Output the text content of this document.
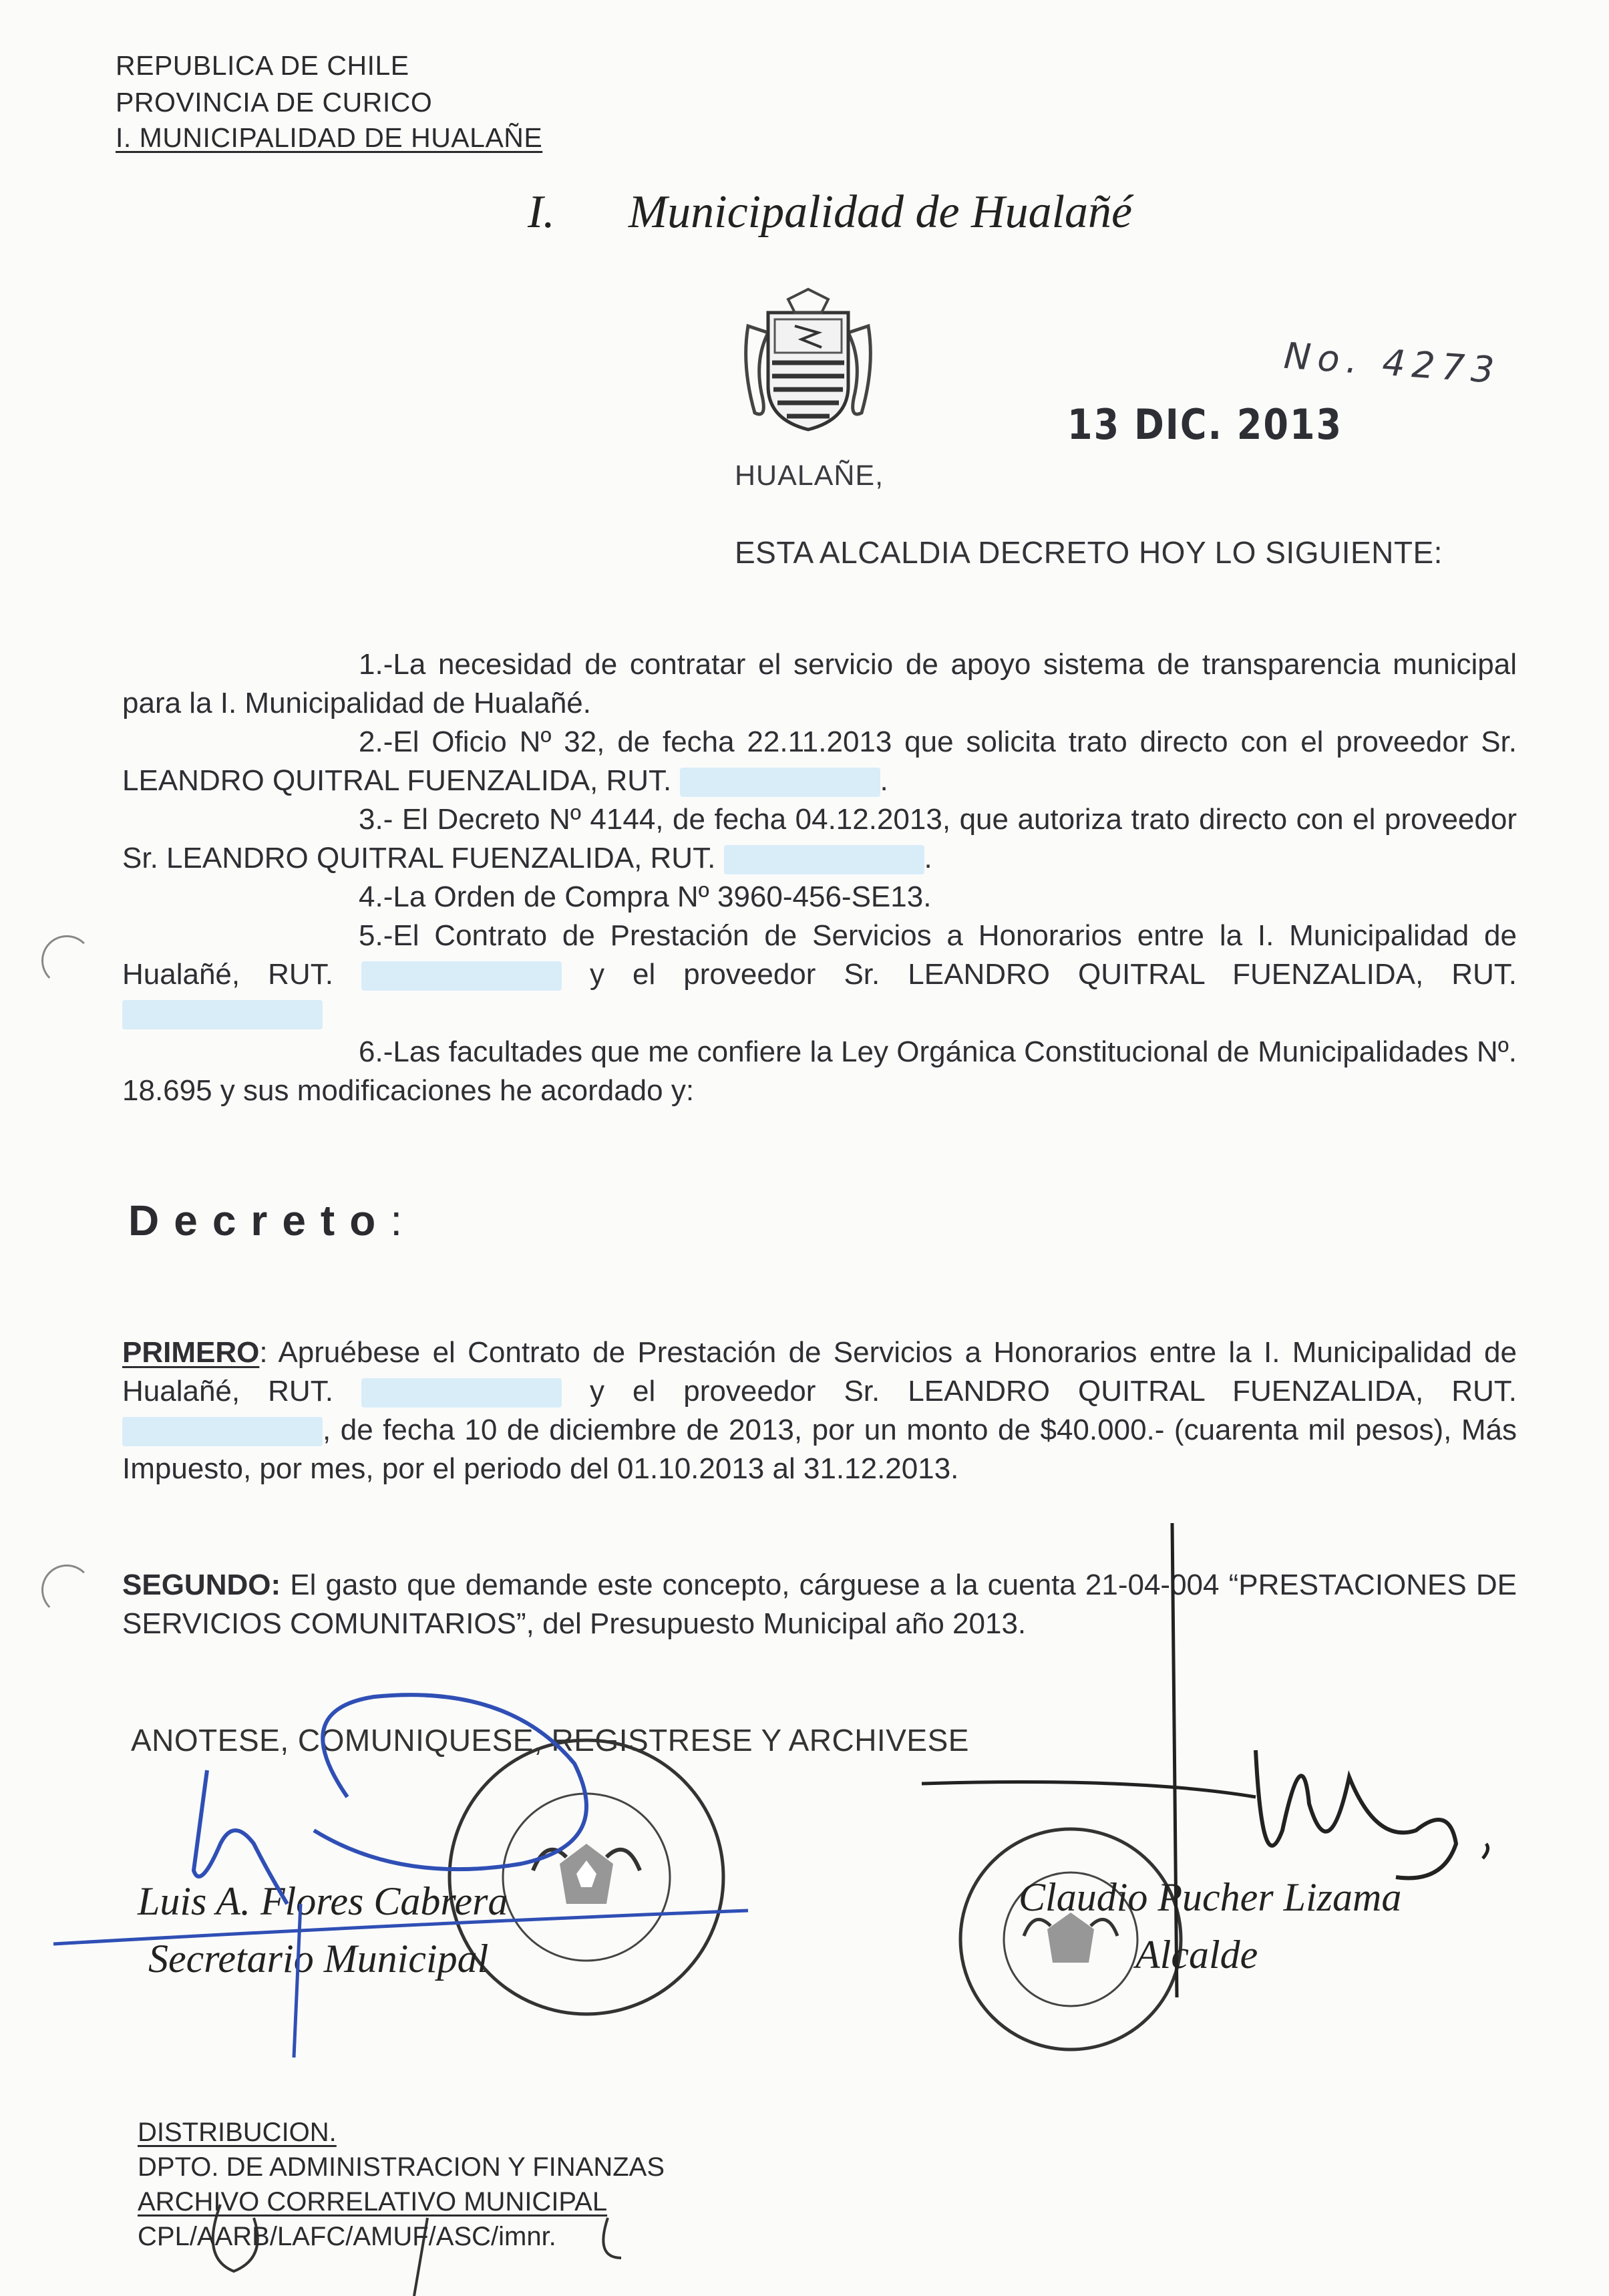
REPUBLICA DE CHILE
PROVINCIA DE CURICO
I. MUNICIPALIDAD DE HUALAÑE
I. Municipalidad de Hualañé
No. 4273
13 DIC. 2013
HUALAÑE,
ESTA ALCALDIA DECRETO HOY LO SIGUIENTE:

1.-La necesidad de contratar el servicio de apoyo sistema de transparencia municipal para la I. Municipalidad de Hualañé.

2.-El Oficio Nº 32, de fecha 22.11.2013 que solicita trato directo con el proveedor Sr. LEANDRO QUITRAL FUENZALIDA, RUT.	.

3.- El Decreto Nº 4144, de fecha 04.12.2013, que autoriza trato directo con el proveedor Sr. LEANDRO QUITRAL FUENZALIDA, RUT.	.

4.-La Orden de Compra Nº 3960-456-SE13.

5.-El Contrato de Prestación de Servicios a Honorarios entre la I. Municipalidad de Hualañé, RUT.	y el proveedor Sr. LEANDRO QUITRAL FUENZALIDA, RUT.

6.-Las facultades que me confiere la Ley Orgánica Constitucional de Municipalidades Nº. 18.695 y sus modificaciones he acordado y:

Decreto:

PRIMERO: Apruébese el Contrato de Prestación de Servicios a Honorarios entre la I. Municipalidad de Hualañé, RUT.	y el proveedor Sr. LEANDRO QUITRAL FUENZALIDA, RUT. , de fecha 10 de diciembre de 2013, por un monto de $40.000.- (cuarenta mil pesos), Más Impuesto, por mes, por el periodo del 01.10.2013 al 31.12.2013.

SEGUNDO: El gasto que demande este concepto, cárguese a la cuenta 21-04-004 “PRESTACIONES DE SERVICIOS COMUNITARIOS”, del Presupuesto Municipal año 2013.

ANOTESE, COMUNIQUESE, REGISTRESE Y ARCHIVESE
Luis A. Flores Cabrera
Secretario Municipal
Claudio Pucher Lizama
Alcalde
DISTRIBUCION.
DPTO. DE ADMINISTRACION Y FINANZAS
ARCHIVO CORRELATIVO MUNICIPAL
CPL/AARB/LAFC/AMUF/ASC/imnr.
